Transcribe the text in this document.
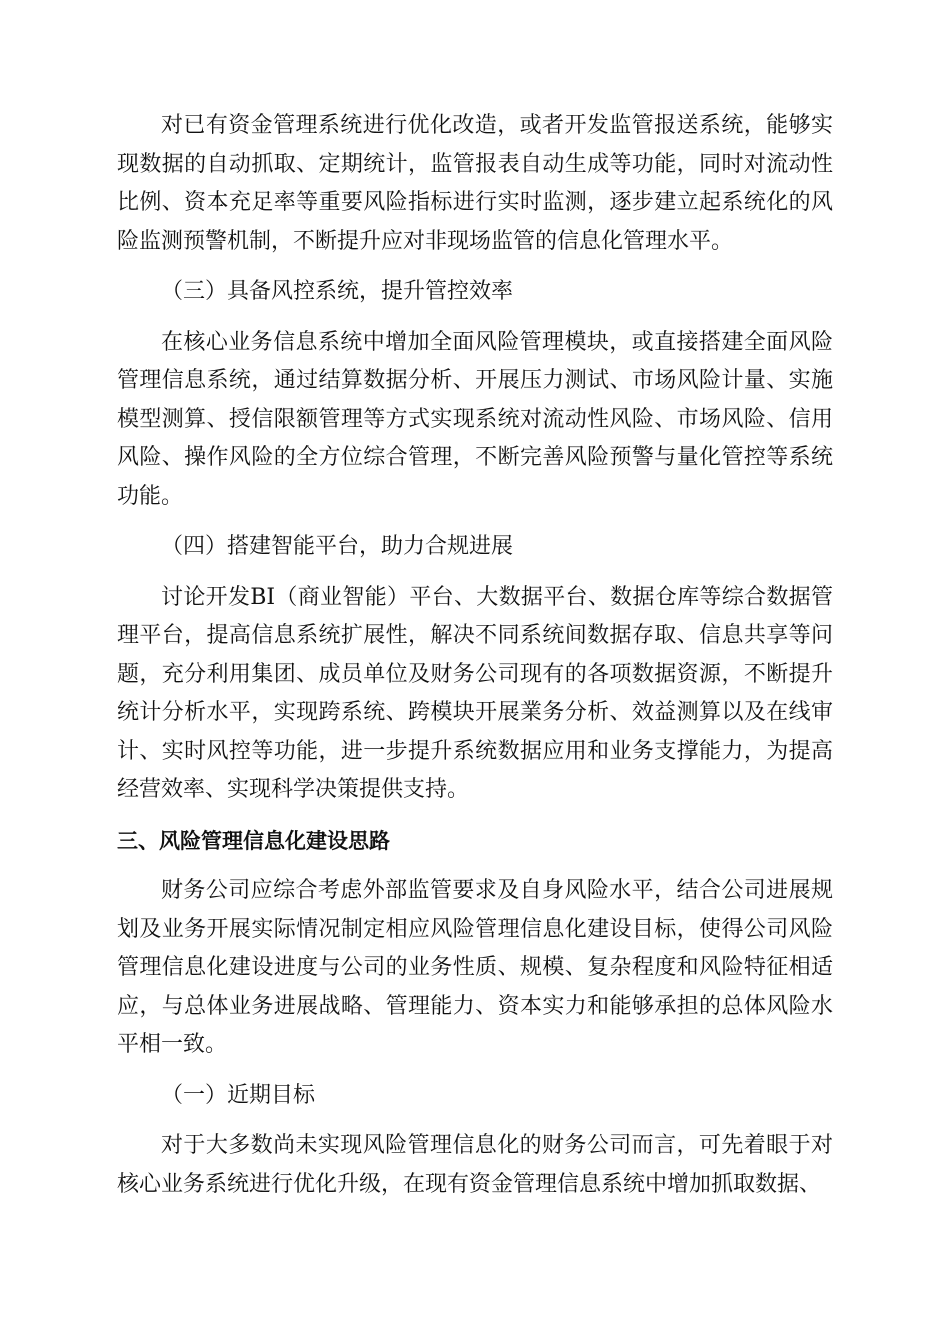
对已有资金管理系统进行优化改造，或者开发监管报送系统，能够实现数据的自动抓取、定期统计，监管报表自动生成等功能，同时对流动性比例、资本充足率等重要风险指标进行实时监测，逐步建立起系统化的风险监测预警机制，不断提升应对非现场监管的信息化管理水平。

（三）具备风控系统，提升管控效率

在核心业务信息系统中增加全面风险管理模块，或直接搭建全面风险管理信息系统，通过结算数据分析、开展压力测试、市场风险计量、实施模型测算、授信限额管理等方式实现系统对流动性风险、市场风险、信用风险、操作风险的全方位综合管理，不断完善风险预警与量化管控等系统功能。

（四）搭建智能平台，助力合规进展

讨论开发BI（商业智能）平台、大数据平台、数据仓库等综合数据管理平台，提高信息系统扩展性，解决不同系统间数据存取、信息共享等问题，充分利用集团、成员单位及财务公司现有的各项数据资源，不断提升统计分析水平，实现跨系统、跨模块开展業务分析、效益测算以及在线审计、实时风控等功能，进一步提升系统数据应用和业务支撑能力，为提高经营效率、实现科学决策提供支持。

三、风险管理信息化建设思路

财务公司应综合考虑外部监管要求及自身风险水平，结合公司进展规划及业务开展实际情况制定相应风险管理信息化建设目标，使得公司风险管理信息化建设进度与公司的业务性质、规模、复杂程度和风险特征相适应，与总体业务进展战略、管理能力、资本实力和能够承担的总体风险水平相一致。

（一）近期目标

对于大多数尚未实现风险管理信息化的财务公司而言，可先着眼于对核心业务系统进行优化升级，在现有资金管理信息系统中增加抓取数据、
